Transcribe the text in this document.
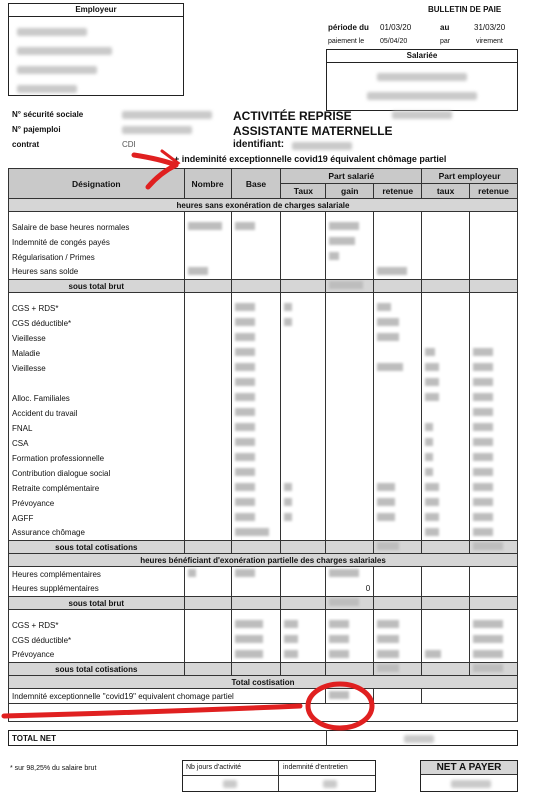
Employeur	BULLETIN DE PAIE
période du 01/03/20	au	31/03/20
paiement le 05/04/20	par	virement
Salariée

N° sécurité sociale
N° pajemploi
contrat	CDI
ACTIVITÉE REPRISE
ASSISTANTE MATERNELLE
identifiant:
+ indeminité exceptionnelle covid19 équivalent chômage partiel
Désignation	Nombre	Base	Part salarié			Part employeur	
			Taux	gain	retenue	taux	retenue
heures sans exonération de charges salariale							

Salaire de base heures normales							
Indemnité de congés payés							
Régularisation / Primes							
Heures sans solde							
sous total brut							

CGS + RDS*							
CGS déductible*							
Vieillesse							
Maladie							
Vieillesse							

Alloc. Familiales							
Accident du travail							
FNAL							
CSA							
Formation professionnelle							
Contribution dialogue social							
Retraite complémentaire							
Prévoyance							
AGFF							
Assurance chômage							
sous total cotisations							
heures bénéficiant d'exonération partielle des charges salariales							
Heures complémentaires							
Heures supplémentaires				0			
sous total brut							

CGS + RDS*							
CGS déductible*							
Prévoyance							
sous total cotisations							
Total costisation							
Indemnité exceptionnelle "covid19" equivalent chomage partiel							

TOTAL NET
* sur 98,25% du salaire brut	Nb jours d'activité	indemnité d'entretien	NET A PAYER
